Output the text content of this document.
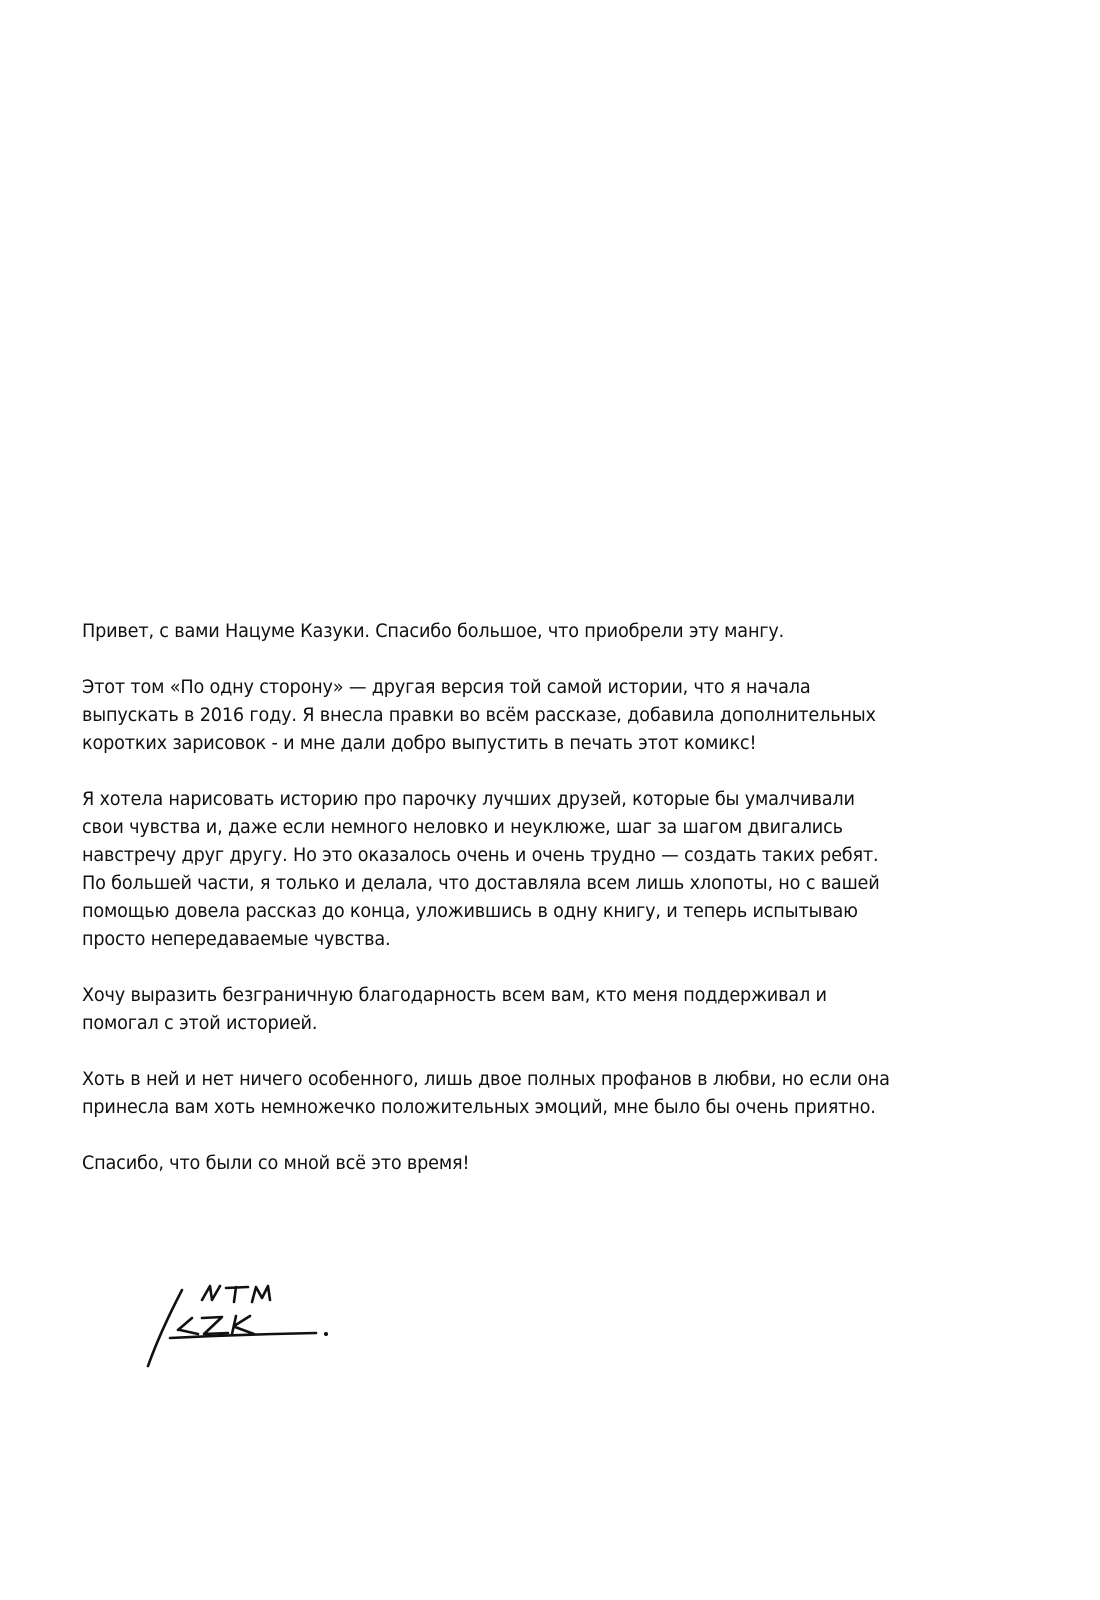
Привет, с вами Нацуме Казуки. Спасибо большое, что приобрели эту мангу.
Этот том «По одну сторону» — другая версия той самой истории, что я начала
выпускать в 2016 году. Я внесла правки во всём рассказе, добавила дополнительных
коротких зарисовок - и мне дали добро выпустить в печать этот комикс!
Я хотела нарисовать историю про парочку лучших друзей, которые бы умалчивали
свои чувства и, даже если немного неловко и неуклюже, шаг за шагом двигались
навстречу друг другу. Но это оказалось очень и очень трудно — создать таких ребят.
По большей части, я только и делала, что доставляла всем лишь хлопоты, но с вашей
помощью довела рассказ до конца, уложившись в одну книгу, и теперь испытываю
просто непередаваемые чувства.
Хочу выразить безграничную благодарность всем вам, кто меня поддерживал и
помогал с этой историей.
Хоть в ней и нет ничего особенного, лишь двое полных профанов в любви, но если она
принесла вам хоть немножечко положительных эмоций, мне было бы очень приятно.
Спасибо, что были со мной всё это время!
